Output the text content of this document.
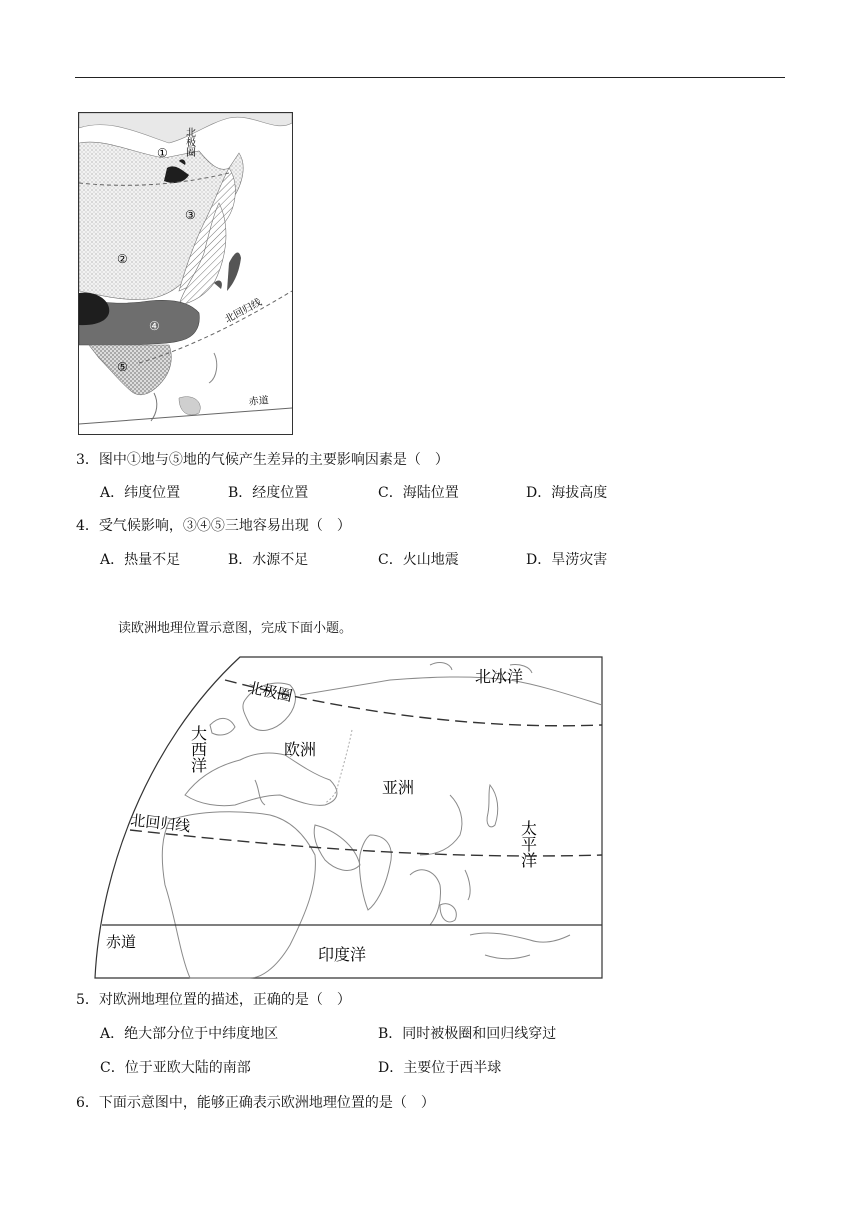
北极圈
①
②
③
④
⑤
北回归线
赤道
3．图中①地与⑤地的气候产生差异的主要影响因素是（　）
A．纬度位置	B．经度位置	C．海陆位置	D．海拔高度
4．受气候影响，③④⑤三地容易出现（　）
A．热量不足	B．水源不足	C．火山地震	D．旱涝灾害
读欧洲地理位置示意图，完成下面小题。
北冰洋
北极圈
大西洋	欧洲
亚洲
北回归线	太平洋
赤道
印度洋
5．对欧洲地理位置的描述，正确的是（　）
A．绝大部分位于中纬度地区	B．同时被极圈和回归线穿过
C．位于亚欧大陆的南部	D．主要位于西半球
6．下面示意图中，能够正确表示欧洲地理位置的是（　）
